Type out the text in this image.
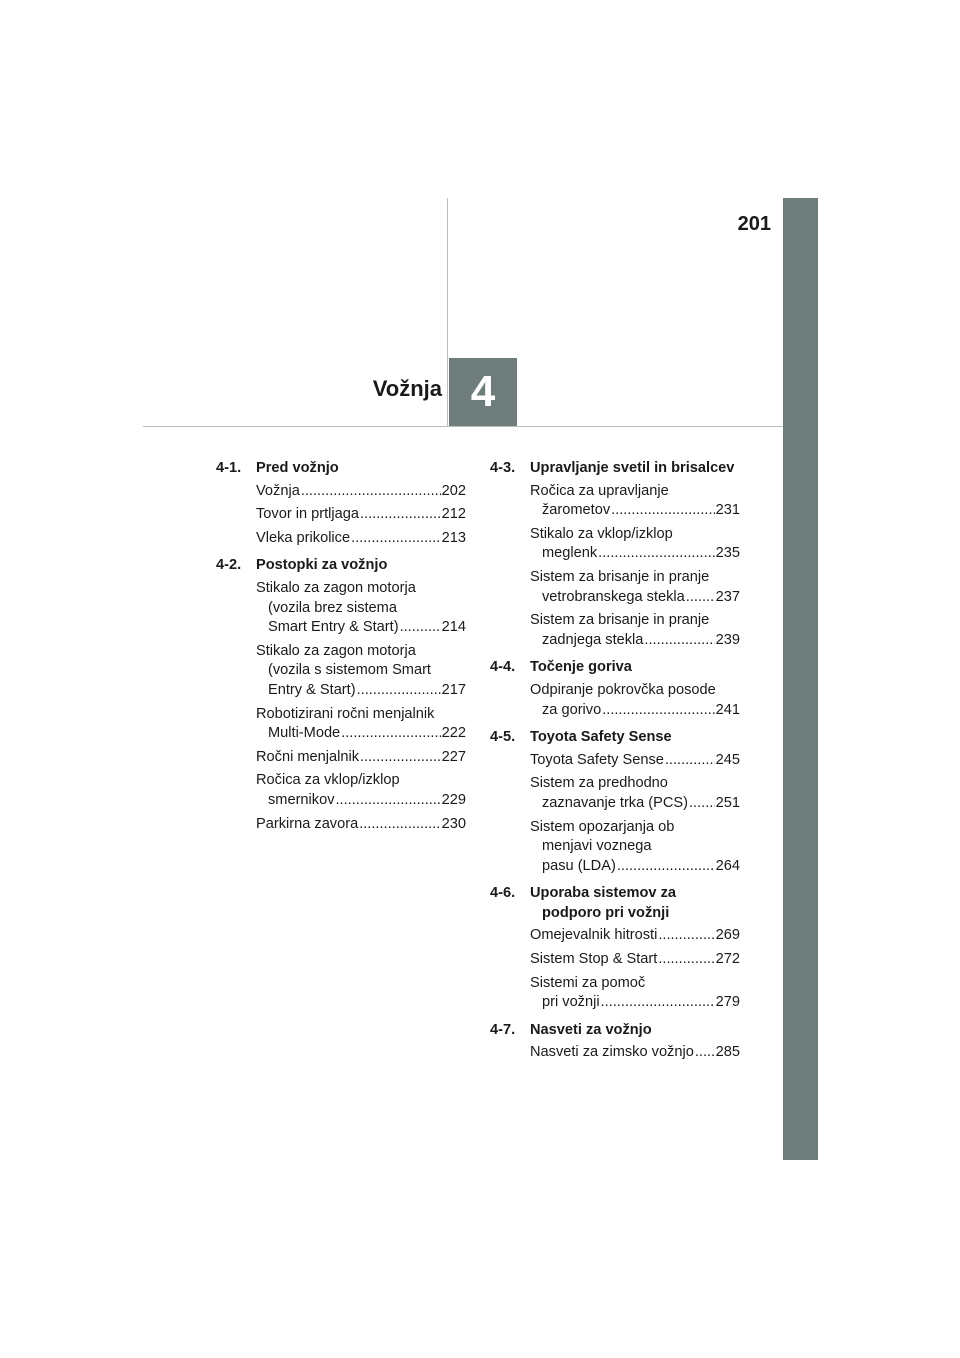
201
Vožnja 4
4-1.	Pred vožnjo
Vožnja .....	202
Tovor in prtljaga .....	212
Vleka prikolice .....	213
4-2.	Postopki za vožnjo
Stikalo za zagon motorja
(vozila brez sistema
Smart Entry & Start) .....	214
Stikalo za zagon motorja
(vozila s sistemom Smart
Entry & Start) .....	217
Robotizirani ročni menjalnik
Multi-Mode .....	222
Ročni menjalnik .....	227
Ročica za vklop/izklop
smernikov .....	229
Parkirna zavora .....	230
4-3.	Upravljanje svetil in brisalcev
Ročica za upravljanje
žarometov .....	231
Stikalo za vklop/izklop
meglenk .....	235
Sistem za brisanje in pranje
vetrobranskega stekla ..... 237
Sistem za brisanje in pranje
zadnjega stekla .....	239
4-4.	Točenje goriva
Odpiranje pokrovčka posode
za gorivo .....	241
4-5.	Toyota Safety Sense
Toyota Safety Sense .....	245
Sistem za predhodno
zaznavanje trka (PCS) ..... 251
Sistem opozarjanja ob
menjavi voznega
pasu (LDA) .....	264
4-6.	Uporaba sistemov za
podporo pri vožnji
Omejevalnik hitrosti .....	269
Sistem Stop & Start .....	272
Sistemi za pomoč
pri vožnji .....	279
4-7.	Nasveti za vožnjo
Nasveti za zimsko vožnjo ..... 285
